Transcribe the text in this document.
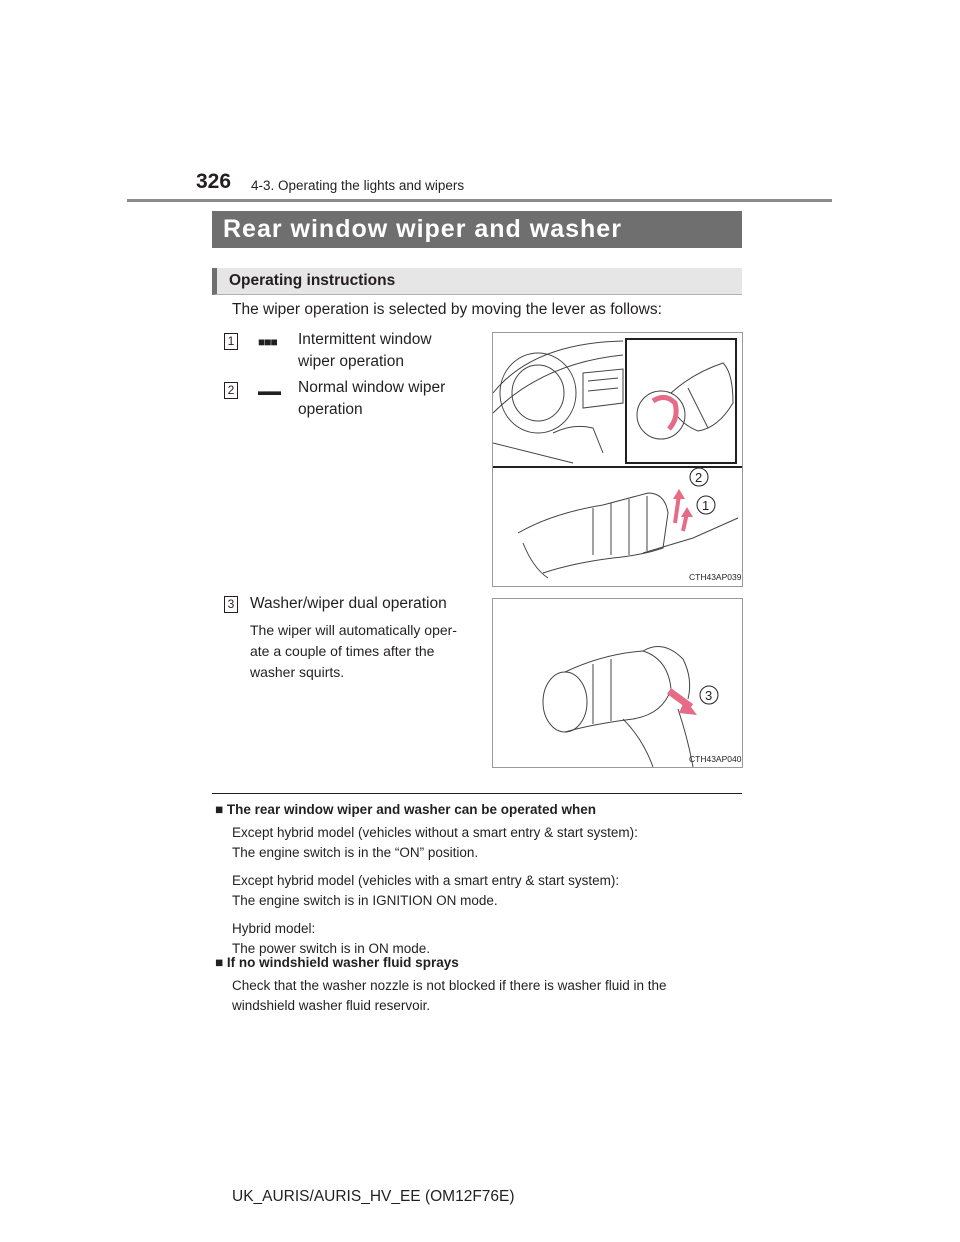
326 4-3. Operating the lights and wipers
Rear window wiper and washer
Operating instructions
The wiper operation is selected by moving the lever as follows:
1	■■■ Intermittent window
wiper operation
2	▬▬ Normal window wiper
operation
3 Washer/wiper dual operation
The wiper will automatically oper-
ate a couple of times after the
washer squirts.
2
1
CTH43AP039
3
CTH43AP040
■ The rear window wiper and washer can be operated when
Except hybrid model (vehicles without a smart entry & start system):
The engine switch is in the “ON” position.
Except hybrid model (vehicles with a smart entry & start system):
The engine switch is in IGNITION ON mode.
Hybrid model:
The power switch is in ON mode.
■ If no windshield washer fluid sprays
Check that the washer nozzle is not blocked if there is washer fluid in the
windshield washer fluid reservoir.
UK_AURIS/AURIS_HV_EE (OM12F76E)
